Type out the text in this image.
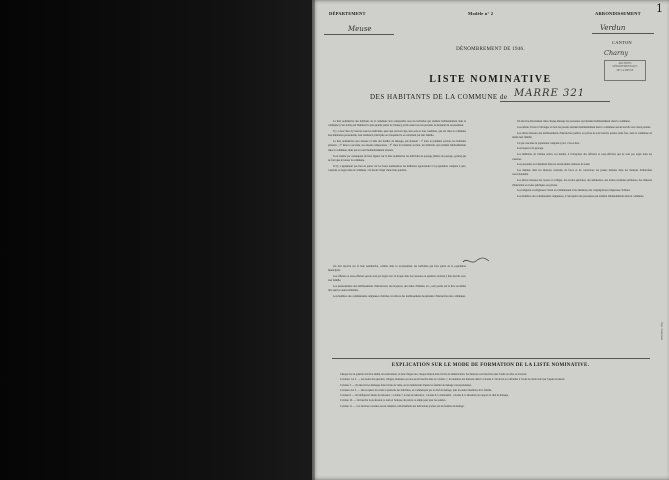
1
DÉPARTEMENT	Modèle n° 2	ARRONDISSEMENT
Meuse	Verdun
DÉNOMBREMENT DE 1946.
CANTON
Charny
ARCHIVES
DÉPARTEMENTALES
DE LA MEUSE
LISTE NOMINATIVE
DES HABITANTS DE LA COMMUNE de MARRE 321

La liste nominative des habitants de la commune doit comprendre tous les individus qui résident habituellement dans la commune (c'est-à-dire qui l'habitent la plus grande partie de l'année), qu'ils soient ou non présents au moment du recensement.

Il y a donc lieu d'y inscrire tous les individus, quel que soit leur âge, leur sexe et leur condition, qui ont dans la commune leur habitation personnelle, leur résidence principale ou à laquelle ils se rattachent par leur famille.

La liste nominative sera dressée à l'aide des feuilles de ménage, qui donnent : 1° dans la première section, les habitants présents ; 2° dans la seconde, les absents temporaires ; 3° dans la troisième section, les habitants qui résident habituellement dans la commune, mais qui en sont momentanément absents.

Il est inutile par conséquent de faire figurer sur la liste nominative les individus de passage (hôtels de passage, garnis) qui ne font que traverser la commune.

Il n'y a également pas lieu de porter sur les listes nominatives les militaires appartenant à la population comptée à part, casernés ou logés dans la commune ; ils feront l'objet d'une liste spéciale.

On doit inscrire sur la liste nominative, comme dans le recensement, les individus qui font partie de la population municipale.

Les officiers et sous-officiers qui ne sont pas logés avec la troupe dans les casernes ou quartiers doivent y être inscrits avec leur famille.

Les pensionnaires des établissements d'instruction, des hospices, des asiles d'aliénés, etc., sont portés sur la liste au même titre que les autres habitants.

Les membres des communautés religieuses cloîtrées, les élèves des établissements hospitaliers d'instruction des communes.

On inscrira directement dans chaque ménage les personnes qui résident habituellement dans la commune.

Les enfants vivant à l'étranger et dont les parents résident habituellement dans la commune seront inscrits avec leurs parents.

Les élèves internes des établissements d'instruction publics ou privés ne sont inscrits qu'une seule fois, dans la commune où réside leur famille.

Ce qui concerne la population comptée à part, c'est-à-dire :

Les hospices de passage.

Les militaires de l'armée active, les marins, à l'exception des officiers et sous-officiers qui ne sont pas logés dans les casernes.

Les personnes en traitement dans les sanatoriums, maisons de santé.

Les détenus dans les maisons centrales de force et de correction, les jeunes détenus dans les maisons d'éducation correctionnelle.

Les élèves internes des lycées et collèges, des écoles spéciales, des séminaires, des écoles normales primaires, des maisons d'éducation et écoles publiques ou privées.

Les religieux et religieuses vivant en communauté et les membres des congrégations religieuses cloîtrées.

Les membres des communautés religieuses, à l'exception des personnes qui résident habituellement dans la commune.

EXPLICATION SUR LE MODE DE FORMATION DE LA LISTE NOMINATIVE.

Chaque rue ou quartier doit être étudié successivement, et dans chaque rue, chaque maison dans l'ordre de numérotation. Les maisons sont inscrites dans l'ordre où elles se trouvent.

Colonnes 1 et 2. — Les noms des quartiers, villages, hameaux ou rues seront inscrits dans la colonne 1 ; les numéros des maisons dans la colonne 2. On devra se conformer à l'ordre de visite suivi par l'agent recenseur.

Colonne 3. — On inscrira les ménages dans l'ordre de visite, en les numérotant d'après les feuilles de ménage correspondantes.

Colonnes 4 et 5. — On recopiera les noms et prénoms des individus, en commençant par le chef de ménage, puis les autres membres de la famille.

Colonne 6. — On indiquera l'année de naissance ; colonne 7, le lieu de naissance ; colonne 8, la nationalité ; colonne 9, la situation par rapport au chef de ménage.

Colonne 10. — On inscrira la profession, le nom et l'adresse du patron ou employeur pour les salariés.

Colonne 11. — Ces diverses colonnes seront remplies conformément aux indications portées sur les feuilles de ménage.

Imp. Nationale
